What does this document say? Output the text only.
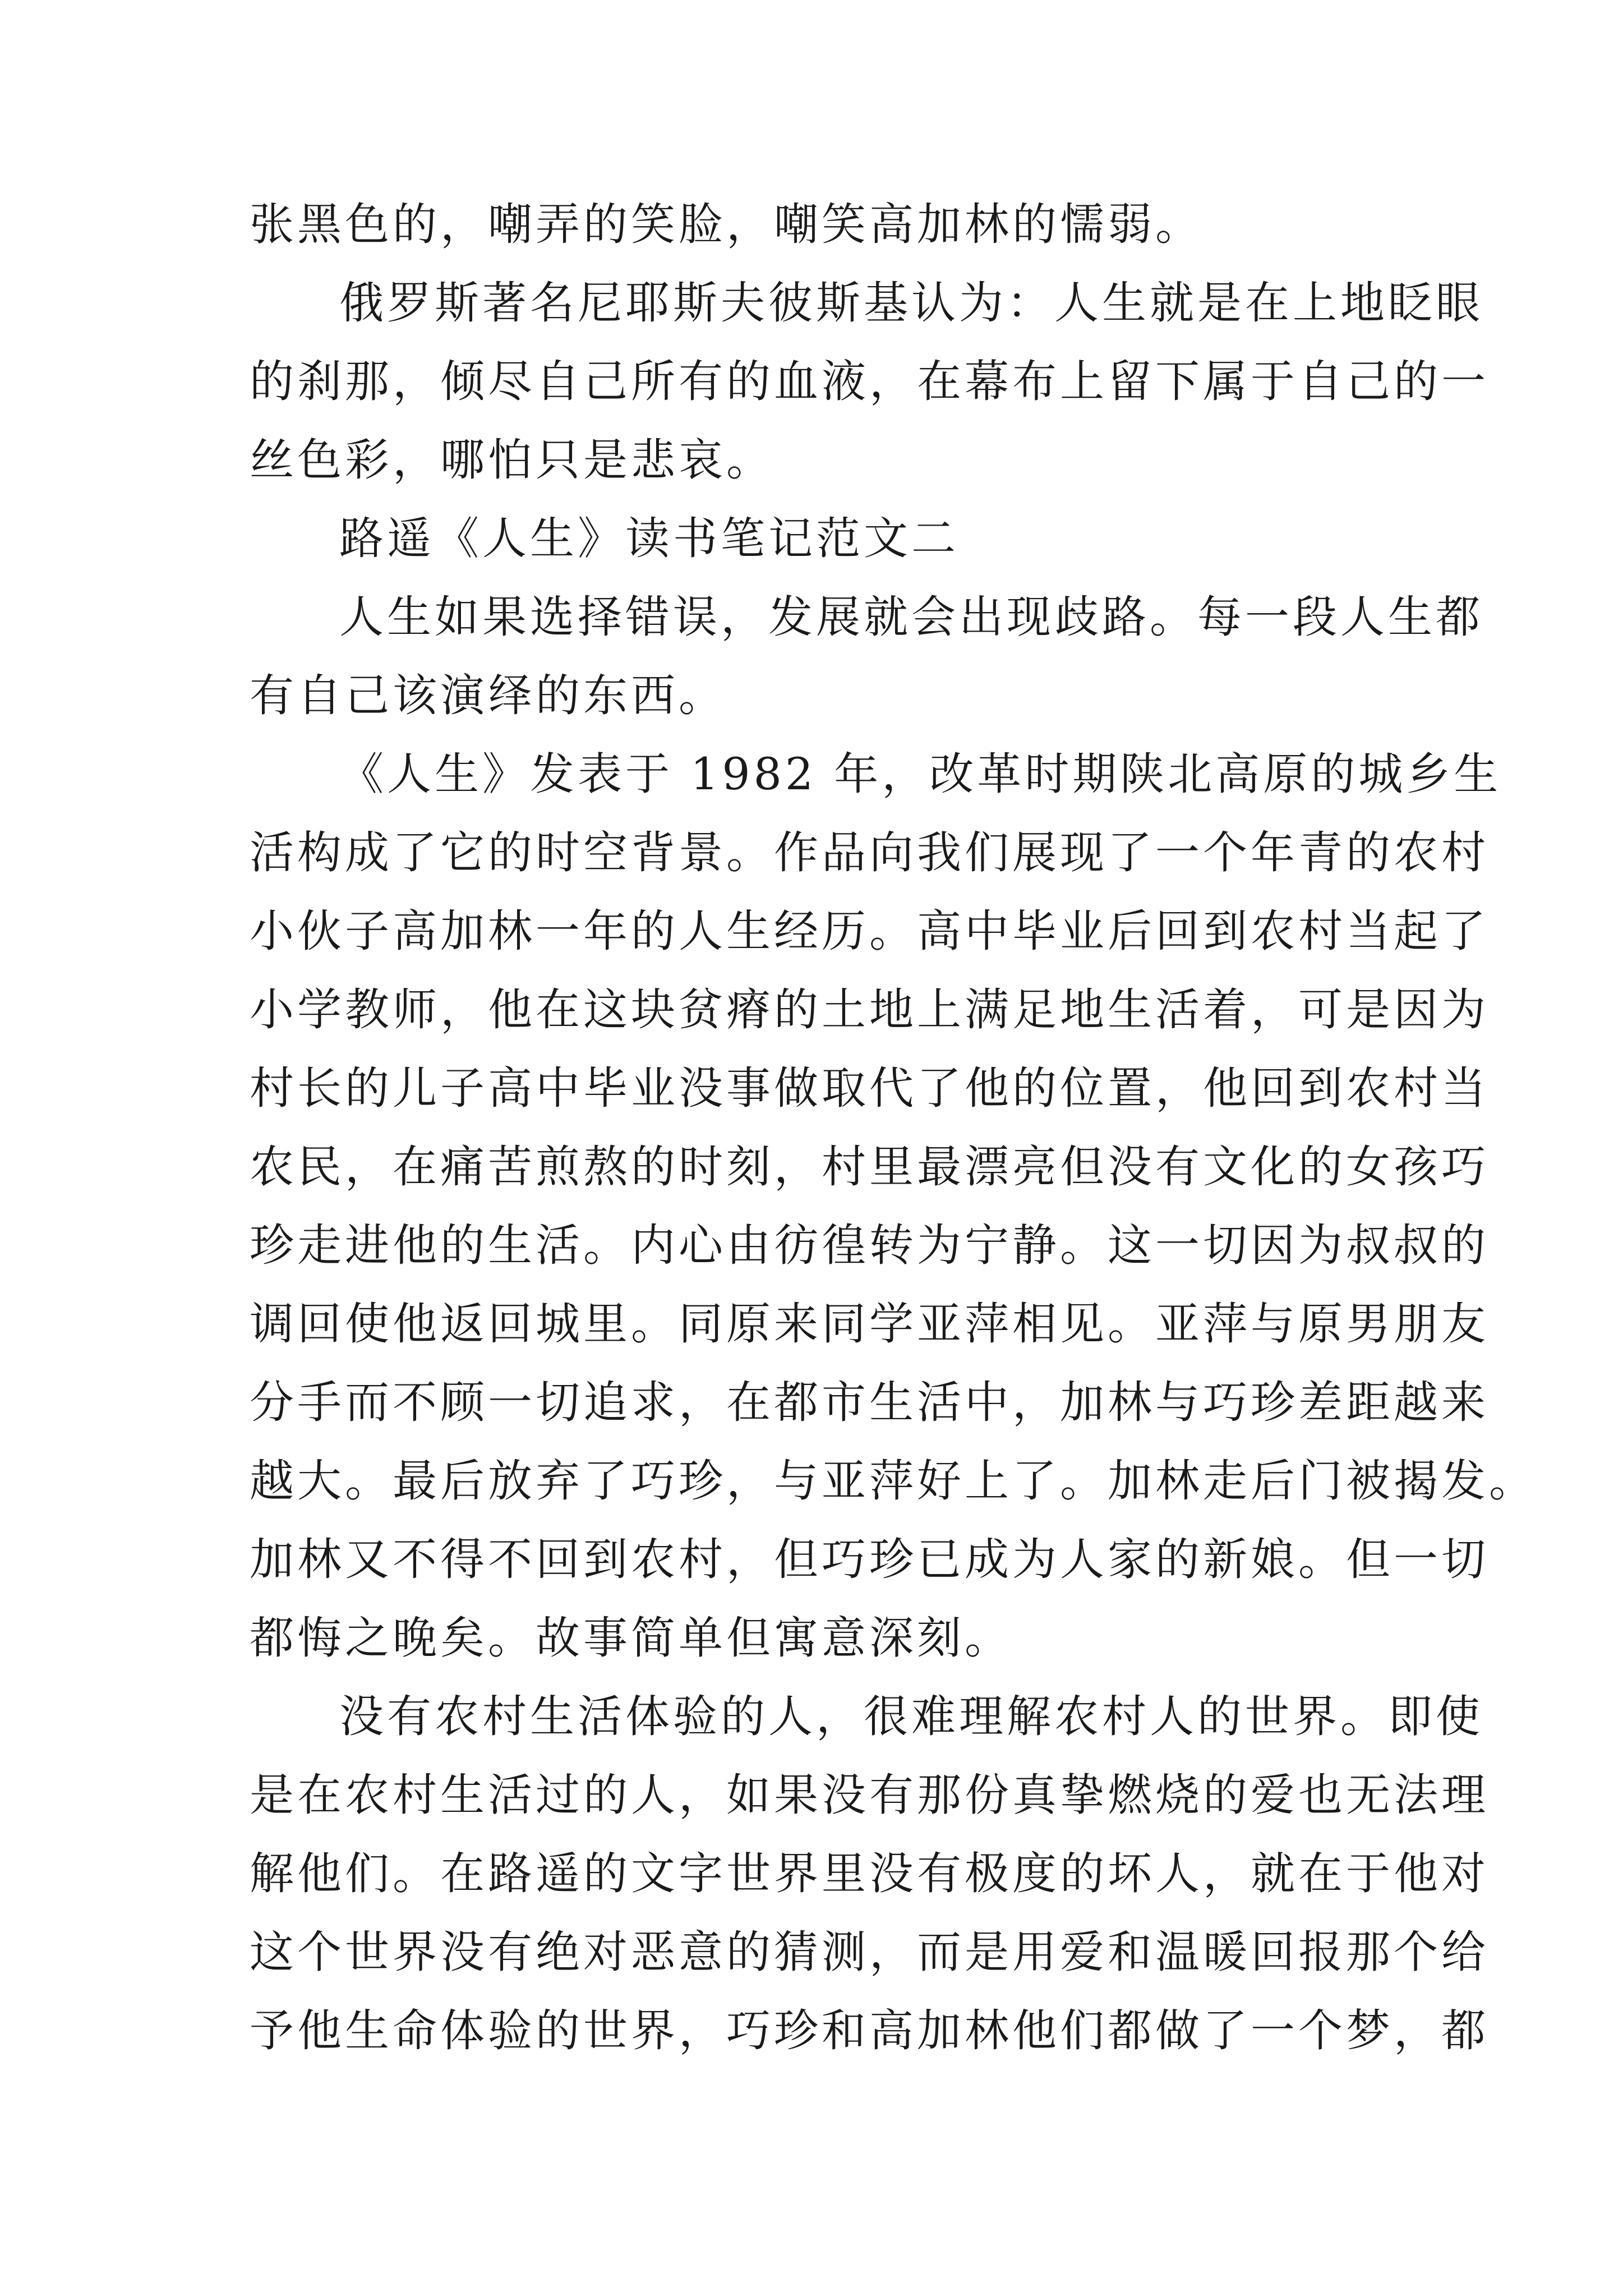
张黑色的，嘲弄的笑脸，嘲笑高加林的懦弱。
俄罗斯著名尼耶斯夫彼斯基认为：人生就是在上地眨眼
的刹那，倾尽自己所有的血液，在幕布上留下属于自己的一
丝色彩，哪怕只是悲哀。
路遥《人生》读书笔记范文二
人生如果选择错误，发展就会出现歧路。每一段人生都
有自己该演绎的东西。
《人生》发表于 1982 年，改革时期陕北高原的城乡生
活构成了它的时空背景。作品向我们展现了一个年青的农村
小伙子高加林一年的人生经历。高中毕业后回到农村当起了
小学教师，他在这块贫瘠的土地上满足地生活着，可是因为
村长的儿子高中毕业没事做取代了他的位置，他回到农村当
农民，在痛苦煎熬的时刻，村里最漂亮但没有文化的女孩巧
珍走进他的生活。内心由彷徨转为宁静。这一切因为叔叔的
调回使他返回城里。同原来同学亚萍相见。亚萍与原男朋友
分手而不顾一切追求，在都市生活中，加林与巧珍差距越来
越大。最后放弃了巧珍，与亚萍好上了。加林走后门被揭发。
加林又不得不回到农村，但巧珍已成为人家的新娘。但一切
都悔之晚矣。故事简单但寓意深刻。
没有农村生活体验的人，很难理解农村人的世界。即使
是在农村生活过的人，如果没有那份真挚燃烧的爱也无法理
解他们。在路遥的文字世界里没有极度的坏人，就在于他对
这个世界没有绝对恶意的猜测，而是用爱和温暖回报那个给
予他生命体验的世界，巧珍和高加林他们都做了一个梦，都
